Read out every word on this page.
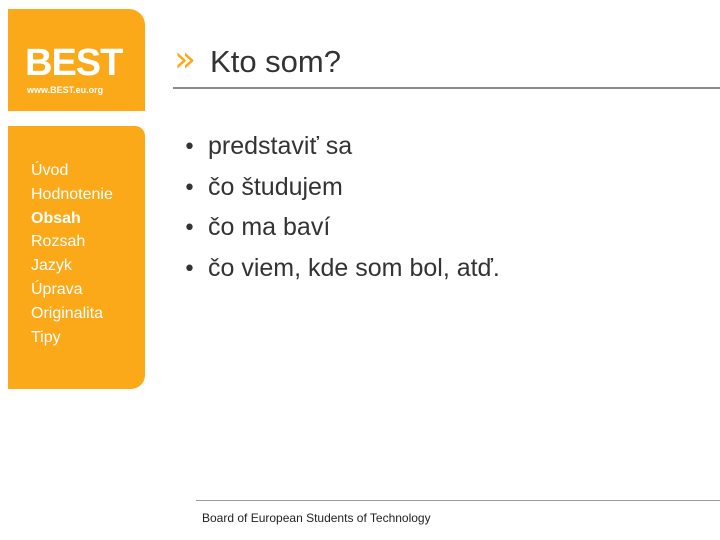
BEST
www.BEST.eu.org
Úvod
Hodnotenie
Obsah
Rozsah
Jazyk
Úprava
Originalita
Tipy
» Kto som?
• predstaviť sa
• čo študujem
• čo ma baví
• čo viem, kde som bol, atď.
Board of European Students of Technology
